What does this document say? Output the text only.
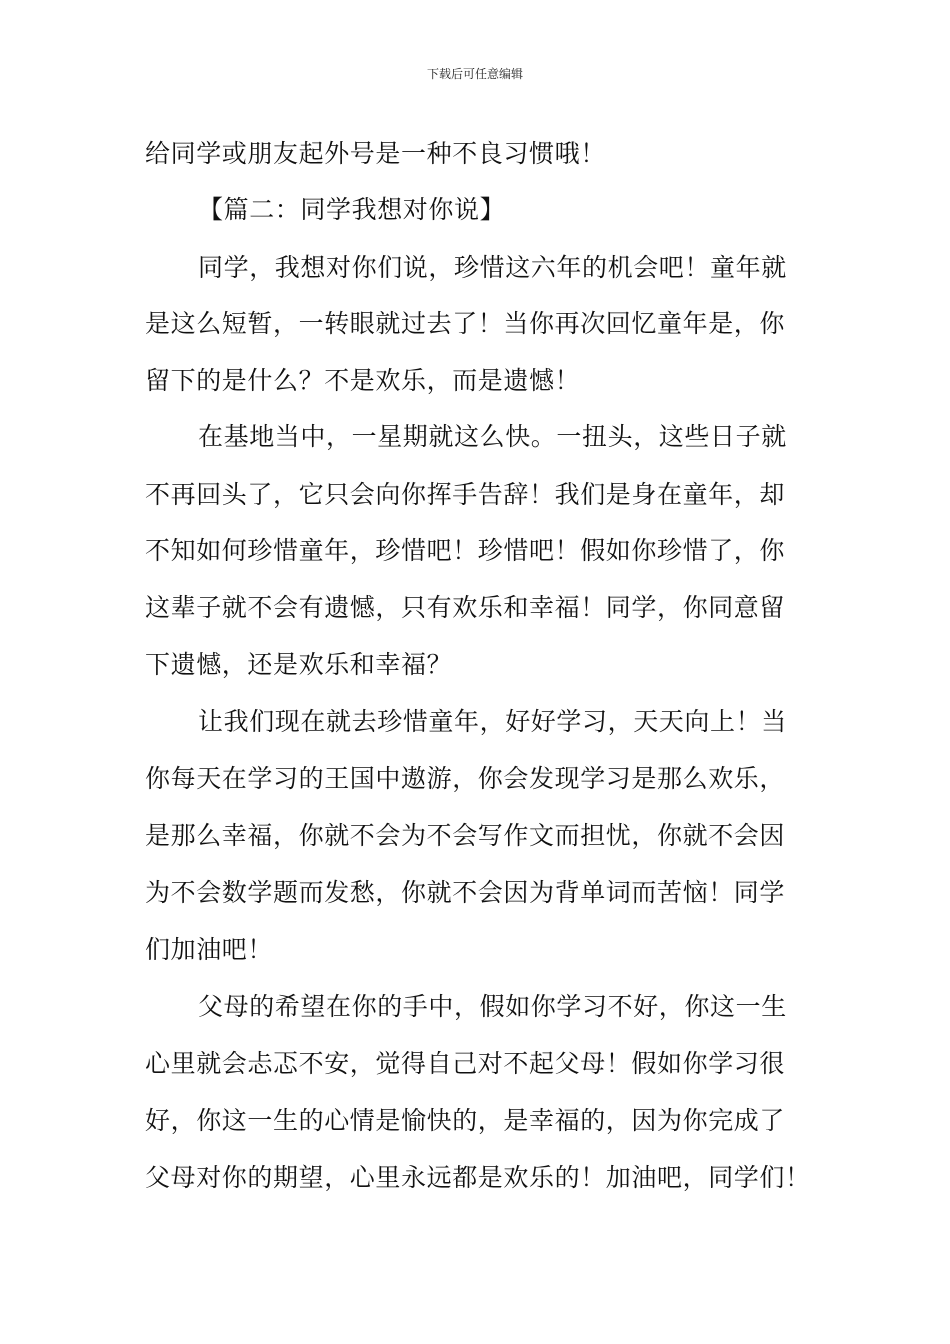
下载后可任意编辑
给同学或朋友起外号是一种不良习惯哦！
【篇二：同学我想对你说】
同学，我想对你们说，珍惜这六年的机会吧！童年就
是这么短暂，一转眼就过去了！当你再次回忆童年是，你
留下的是什么？不是欢乐，而是遗憾！
在基地当中，一星期就这么快。一扭头，这些日子就
不再回头了，它只会向你挥手告辞！我们是身在童年，却
不知如何珍惜童年，珍惜吧！珍惜吧！假如你珍惜了，你
这辈子就不会有遗憾，只有欢乐和幸福！同学，你同意留
下遗憾，还是欢乐和幸福？
让我们现在就去珍惜童年，好好学习，天天向上！当
你每天在学习的王国中遨游，你会发现学习是那么欢乐，
是那么幸福，你就不会为不会写作文而担忧，你就不会因
为不会数学题而发愁，你就不会因为背单词而苦恼！同学
们加油吧！
父母的希望在你的手中，假如你学习不好，你这一生
心里就会忐忑不安，觉得自己对不起父母！假如你学习很
好，你这一生的心情是愉快的，是幸福的，因为你完成了
父母对你的期望，心里永远都是欢乐的！加油吧，同学们！
